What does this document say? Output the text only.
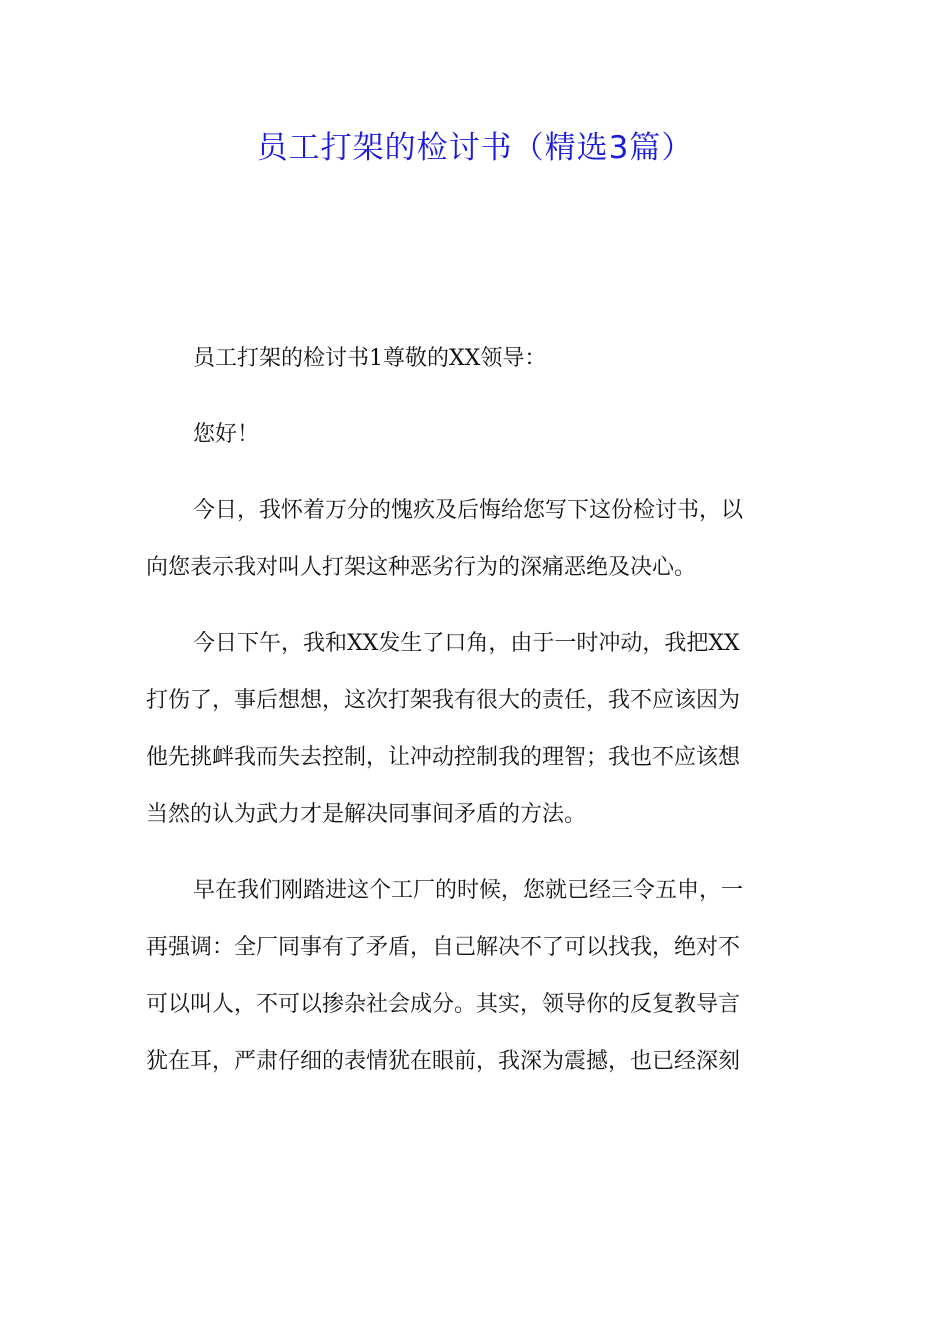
员工打架的检讨书（精选3篇）

员工打架的检讨书1尊敬的XX领导：

您好！

今日，我怀着万分的愧疚及后悔给您写下这份检讨书，以
向您表示我对叫人打架这种恶劣行为的深痛恶绝及决心。

今日下午，我和XX发生了口角，由于一时冲动，我把XX
打伤了，事后想想，这次打架我有很大的责任，我不应该因为
他先挑衅我而失去控制，让冲动控制我的理智；我也不应该想
当然的认为武力才是解决同事间矛盾的方法。

早在我们刚踏进这个工厂的时候，您就已经三令五申，一
再强调：全厂同事有了矛盾，自己解决不了可以找我，绝对不
可以叫人，不可以掺杂社会成分。其实，领导你的反复教导言
犹在耳，严肃仔细的表情犹在眼前，我深为震撼，也已经深刻
